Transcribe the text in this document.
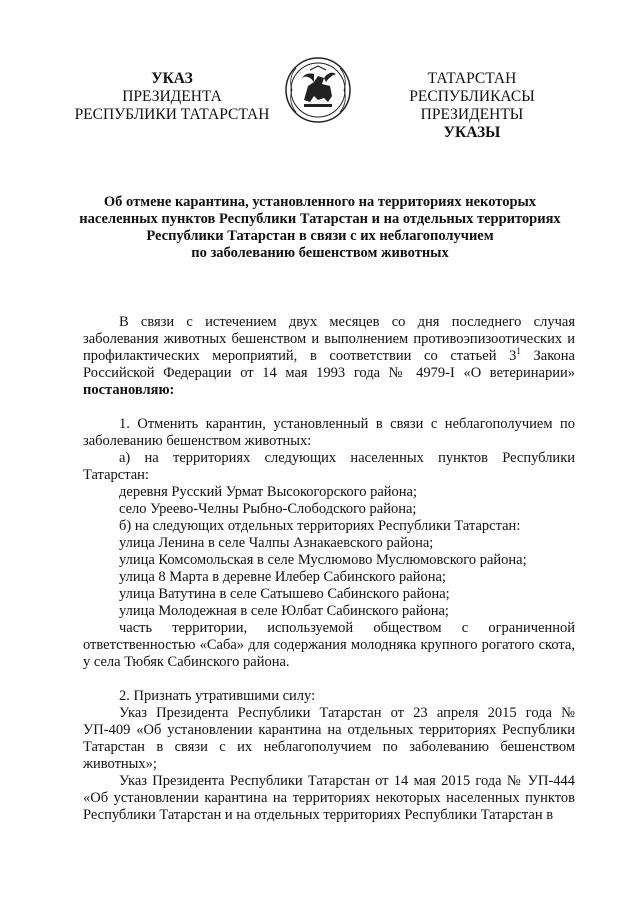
УКАЗ
ПРЕЗИДЕНТА
РЕСПУБЛИКИ ТАТАРСТАН
ТАТАРСТАН РЕСПУБЛИКАСЫ
ПРЕЗИДЕНТЫ
УКАЗЫ
Об отмене карантина, установленного на территориях некоторых
населенных пунктов Республики Татарстан и на отдельных территориях
Республики Татарстан в связи с их неблагополучием
по заболеванию бешенством животных

В связи с истечением двух месяцев со дня последнего случая заболевания животных бешенством и выполнением противоэпизоотических и профилактических мероприятий, в соответствии со статьей $3^1$ Закона Российской Федерации от 14 мая 1993 года № 4979-I «О ветеринарии» постановляю:

1. Отменить карантин, установленный в связи с неблагополучием по заболеванию бешенством животных:

а) на территориях следующих населенных пунктов Республики Татарстан:

деревня Русский Урмат Высокогорского района;

село Уреево-Челны Рыбно-Слободского района;

б) на следующих отдельных территориях Республики Татарстан:

улица Ленина в селе Чалпы Азнакаевского района;

улица Комсомольская в селе Муслюмово Муслюмовского района;

улица 8 Марта в деревне Илебер Сабинского района;

улица Ватутина в селе Сатышево Сабинского района;

улица Молодежная в селе Юлбат Сабинского района;

часть территории, используемой обществом с ограниченной ответственностью «Саба» для содержания молодняка крупного рогатого скота, у села Тюбяк Сабинского района.

2. Признать утратившими силу:

Указ Президента Республики Татарстан от 23 апреля 2015 года № УП-409 «Об установлении карантина на отдельных территориях Республики Татарстан в связи с их неблагополучием по заболеванию бешенством животных»;

Указ Президента Республики Татарстан от 14 мая 2015 года № УП-444 «Об установлении карантина на территориях некоторых населенных пунктов Республики Татарстан и на отдельных территориях Республики Татарстан в
